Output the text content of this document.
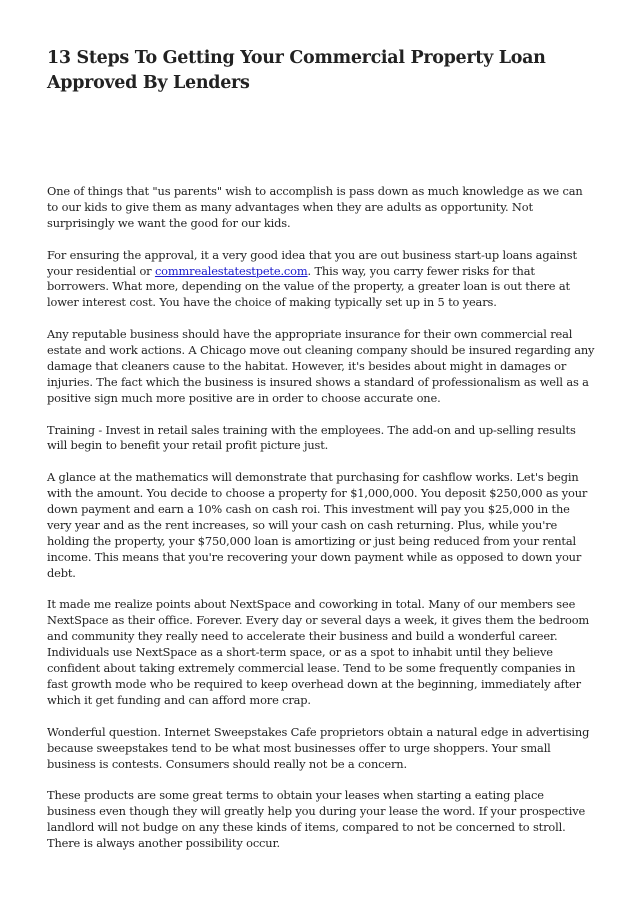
13 Steps To Getting Your Commercial Property Loan Approved By Lenders

One of things that "us parents" wish to accomplish is pass down as much knowledge as we can to our kids to give them as many advantages when they are adults as opportunity. Not surprisingly we want the good for our kids.

For ensuring the approval, it a very good idea that you are out business start-up loans against your residential or commrealestatestpete.com. This way, you carry fewer risks for that borrowers. What more, depending on the value of the property, a greater loan is out there at lower interest cost. You have the choice of making typically set up in 5 to years.

Any reputable business should have the appropriate insurance for their own commercial real estate and work actions. A Chicago move out cleaning company should be insured regarding any damage that cleaners cause to the habitat. However, it's besides about might in damages or injuries. The fact which the business is insured shows a standard of professionalism as well as a positive sign much more positive are in order to choose accurate one.

Training - Invest in retail sales training with the employees. The add-on and up-selling results will begin to benefit your retail profit picture just.

A glance at the mathematics will demonstrate that purchasing for cashflow works. Let's begin with the amount. You decide to choose a property for $1,000,000. You deposit $250,000 as your down payment and earn a 10% cash on cash roi. This investment will pay you $25,000 in the very year and as the rent increases, so will your cash on cash returning. Plus, while you're holding the property, your $750,000 loan is amortizing or just being reduced from your rental income. This means that you're recovering your down payment while as opposed to down your debt.

It made me realize points about NextSpace and coworking in total. Many of our members see NextSpace as their office. Forever. Every day or several days a week, it gives them the bedroom and community they really need to accelerate their business and build a wonderful career. Individuals use NextSpace as a short-term space, or as a spot to inhabit until they believe confident about taking extremely commercial lease. Tend to be some frequently companies in fast growth mode who be required to keep overhead down at the beginning, immediately after which it get funding and can afford more crap.

Wonderful question. Internet Sweepstakes Cafe proprietors obtain a natural edge in advertising because sweepstakes tend to be what most businesses offer to urge shoppers. Your small business is contests. Consumers should really not be a concern.

These products are some great terms to obtain your leases when starting a eating place business even though they will greatly help you during your lease the word. If your prospective landlord will not budge on any these kinds of items, compared to not be concerned to stroll. There is always another possibility occur.
